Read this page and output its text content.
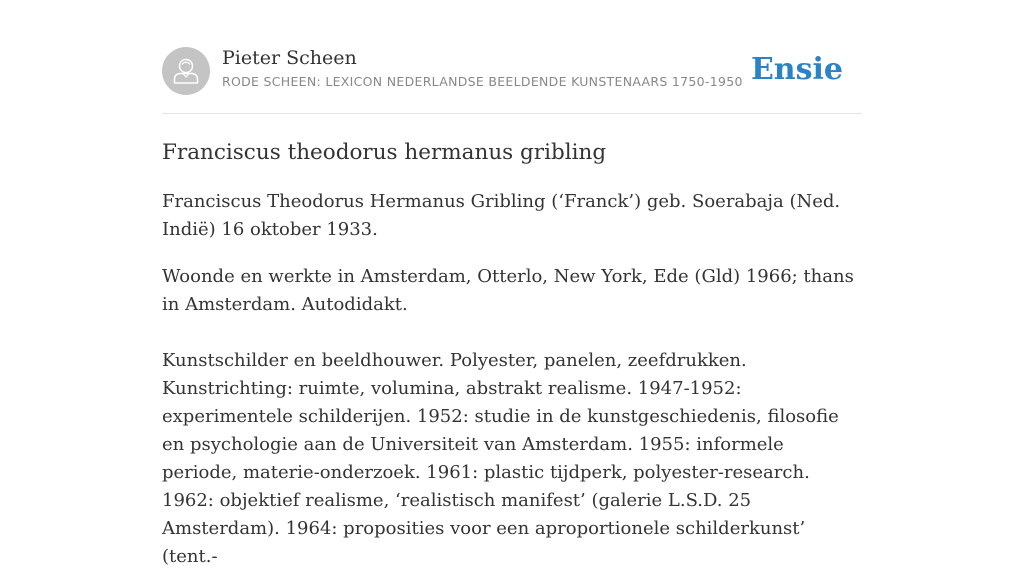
Pieter Scheen
RODE SCHEEN: LEXICON NEDERLANDSE BEELDENDE KUNSTENAARS 1750-1950 Ensie
Franciscus theodorus hermanus gribling

Franciscus Theodorus Hermanus Gribling (‘Franck’) geb. Soerabaja (Ned. Indië) 16 oktober 1933.

Woonde en werkte in Amsterdam, Otterlo, New York, Ede (Gld) 1966; thans in Amsterdam. Autodidakt.

Kunstschilder en beeldhouwer. Polyester, panelen, zeefdrukken. Kunstrichting: ruimte, volumina, abstrakt realisme. 1947-1952: experimentele schilderijen. 1952: studie in de kunstgeschiedenis, filosofie en psychologie aan de Universiteit van Amsterdam. 1955: informele periode, materie-onderzoek. 1961: plastic tijdperk, polyester-research. 1962: objektief realisme, ‘realistisch manifest’ (galerie L.S.D. 25 Amsterdam). 1964: proposities voor een aproportionele schilderkunst’ (tent.-
